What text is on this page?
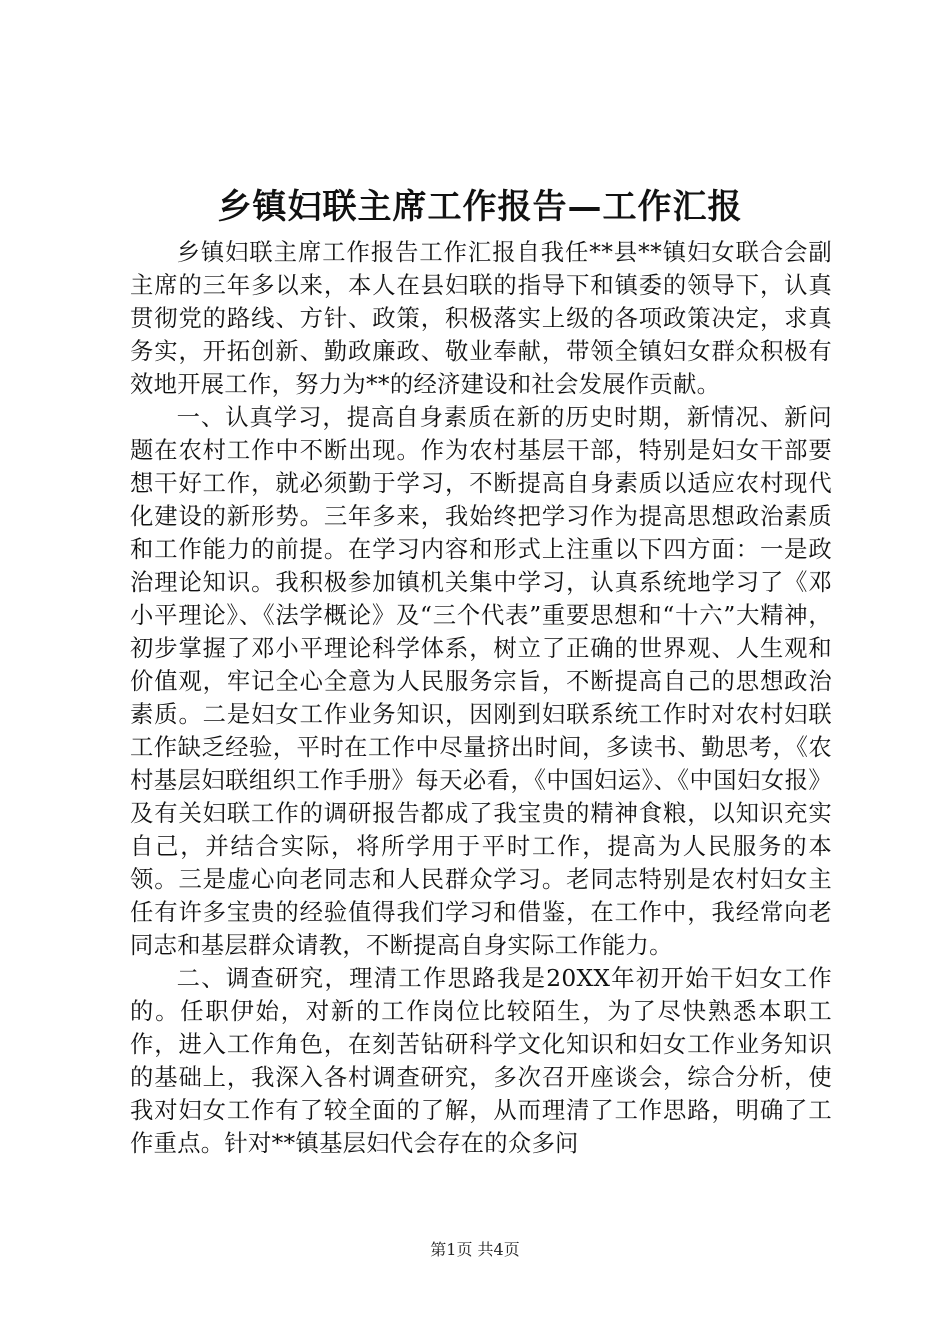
乡镇妇联主席工作报告—工作汇报

乡镇妇联主席工作报告工作汇报自我任**县**镇妇女联合会副主席的三年多以来，本人在县妇联的指导下和镇委的领导下，认真贯彻党的路线、方针、政策，积极落实上级的各项政策决定，求真务实，开拓创新、勤政廉政、敬业奉献，带领全镇妇女群众积极有效地开展工作，努力为**的经济建设和社会发展作贡献。

一、认真学习，提高自身素质在新的历史时期，新情况、新问题在农村工作中不断出现。作为农村基层干部，特别是妇女干部要想干好工作，就必须勤于学习，不断提高自身素质以适应农村现代化建设的新形势。三年多来，我始终把学习作为提高思想政治素质和工作能力的前提。在学习内容和形式上注重以下四方面：一是政治理论知识。我积极参加镇机关集中学习，认真系统地学习了《邓小平理论》、《法学概论》及“三个代表”重要思想和“十六”大精神，初步掌握了邓小平理论科学体系，树立了正确的世界观、人生观和价值观，牢记全心全意为人民服务宗旨，不断提高自己的思想政治素质。二是妇女工作业务知识，因刚到妇联系统工作时对农村妇联工作缺乏经验，平时在工作中尽量挤出时间，多读书、勤思考，《农村基层妇联组织工作手册》每天必看，《中国妇运》、《中国妇女报》及有关妇联工作的调研报告都成了我宝贵的精神食粮，以知识充实自己，并结合实际，将所学用于平时工作，提高为人民服务的本领。三是虚心向老同志和人民群众学习。老同志特别是农村妇女主任有许多宝贵的经验值得我们学习和借鉴，在工作中，我经常向老同志和基层群众请教，不断提高自身实际工作能力。

二、调查研究，理清工作思路我是20XX年初开始干妇女工作的。任职伊始，对新的工作岗位比较陌生，为了尽快熟悉本职工作，进入工作角色，在刻苦钻研科学文化知识和妇女工作业务知识的基础上，我深入各村调查研究，多次召开座谈会，综合分析，使我对妇女工作有了较全面的了解，从而理清了工作思路，明确了工作重点。针对**镇基层妇代会存在的众多问

第1页 共4页
